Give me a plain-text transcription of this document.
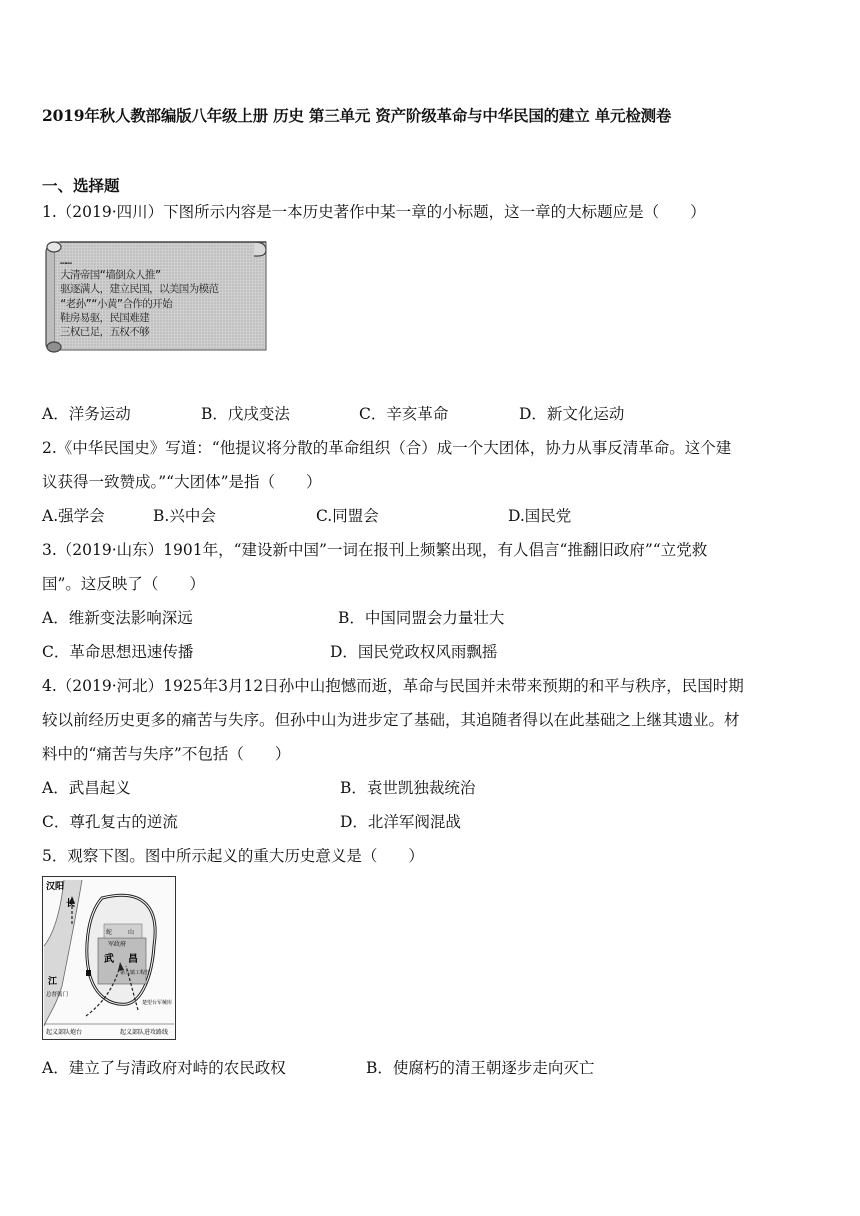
2019年秋人教部编版八年级上册 历史 第三单元 资产阶级革命与中华民国的建立 单元检测卷
一、选择题
1.（2019·四川）下图所示内容是一本历史著作中某一章的小标题，这一章的大标题应是（　　）
……
大清帝国“墙倒众人推”
驱逐满人，建立民国，以美国为模范
“老孙”“小黄”合作的开始
鞋房易驱，民国难建
三权已足，五权不够
A．洋务运动	B．戊戌变法	C．辛亥革命	D．新文化运动
2.《中华民国史》写道：“他提议将分散的革命组织（合）成一个大团体，协力从事反清革命。这个建
议获得一致赞成。”“大团体”是指（　　）
A.强学会	B.兴中会	C.同盟会	D.国民党
3.（2019·山东）1901年，“建设新中国”一词在报刊上频繁出现，有人倡言“推翻旧政府”“立党救
国”。这反映了（　　）
A．维新变法影响深远	B．中国同盟会力量壮大
C．革命思想迅速传播	D．国民党政权风雨飘摇
4.（2019·河北）1925年3月12日孙中山抱憾而逝，革命与民国并未带来预期的和平与秩序，民国时期
较以前经历史更多的痛苦与失序。但孙中山为进步定了基础，其追随者得以在此基础之上继其遗业。材
料中的“痛苦与失序”不包括（　　）
A．武昌起义	B．袁世凯独裁统治
C．尊孔复古的逆流	D．北洋军阀混战
5．观察下图。图中所示起义的重大历史意义是（　　）
汉阳
长
江
蛇	山
军政府
武 昌
第八镇工程营
总督衙门
楚望台军械库
起义部队炮台	起义部队进攻路线
A．建立了与清政府对峙的农民政权	B．使腐朽的清王朝逐步走向灭亡
